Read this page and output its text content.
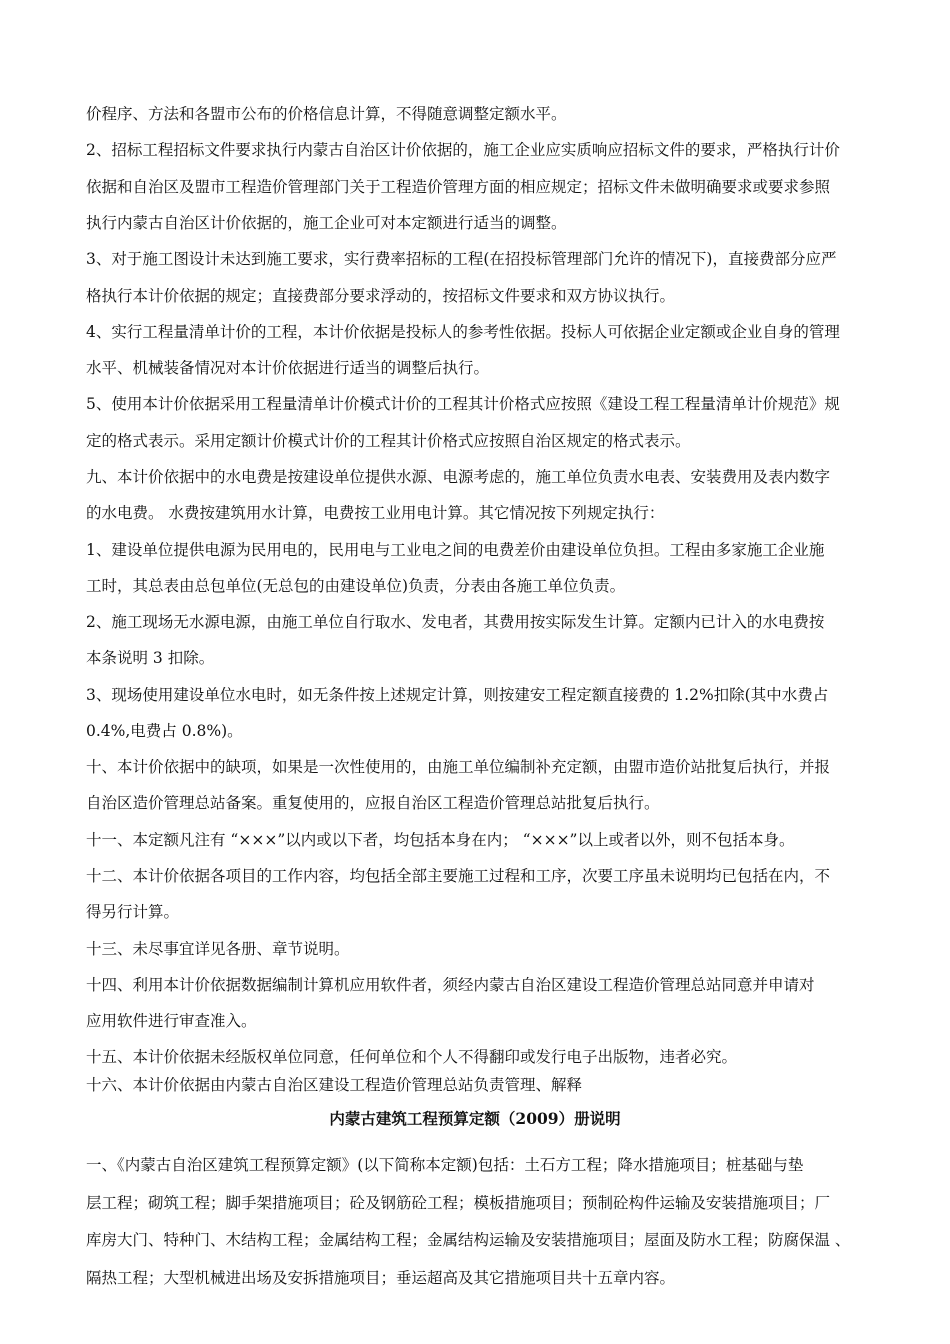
价程序、方法和各盟市公布的价格信息计算，不得随意调整定额水平。
2、招标工程招标文件要求执行内蒙古自治区计价依据的，施工企业应实质响应招标文件的要求，严格执行计价
依据和自治区及盟市工程造价管理部门关于工程造价管理方面的相应规定；招标文件未做明确要求或要求参照
执行内蒙古自治区计价依据的，施工企业可对本定额进行适当的调整。
3、对于施工图设计未达到施工要求，实行费率招标的工程(在招投标管理部门允许的情况下)，直接费部分应严
格执行本计价依据的规定；直接费部分要求浮动的，按招标文件要求和双方协议执行。
4、实行工程量清单计价的工程，本计价依据是投标人的参考性依据。投标人可依据企业定额或企业自身的管理
水平、机械装备情况对本计价依据进行适当的调整后执行。
5、使用本计价依据采用工程量清单计价模式计价的工程其计价格式应按照《建设工程工程量清单计价规范》规
定的格式表示。采用定额计价模式计价的工程其计价格式应按照自治区规定的格式表示。
九、本计价依据中的水电费是按建设单位提供水源、电源考虑的，施工单位负责水电表、安装费用及表内数字
的水电费。 水费按建筑用水计算，电费按工业用电计算。其它情况按下列规定执行：
1、建设单位提供电源为民用电的，民用电与工业电之间的电费差价由建设单位负担。工程由多家施工企业施
工时，其总表由总包单位(无总包的由建设单位)负责，分表由各施工单位负责。
2、施工现场无水源电源，由施工单位自行取水、发电者，其费用按实际发生计算。定额内已计入的水电费按
本条说明 3 扣除。
3、现场使用建设单位水电时，如无条件按上述规定计算，则按建安工程定额直接费的 1.2%扣除(其中水费占
0.4%,电费占 0.8%)。
十、本计价依据中的缺项，如果是一次性使用的，由施工单位编制补充定额，由盟市造价站批复后执行，并报
自治区造价管理总站备案。重复使用的，应报自治区工程造价管理总站批复后执行。
十一、本定额凡注有 “×××”以内或以下者，均包括本身在内； “×××”以上或者以外，则不包括本身。
十二、本计价依据各项目的工作内容，均包括全部主要施工过程和工序，次要工序虽未说明均已包括在内，不
得另行计算。
十三、未尽事宜详见各册、章节说明。
十四、利用本计价依据数据编制计算机应用软件者，须经内蒙古自治区建设工程造价管理总站同意并申请对
应用软件进行审查准入。
十五、本计价依据未经版权单位同意，任何单位和个人不得翻印或发行电子出版物，违者必究。
十六、本计价依据由内蒙古自治区建设工程造价管理总站负责管理、解释
内蒙古建筑工程预算定额（2009）册说明
一、《内蒙古自治区建筑工程预算定额》(以下简称本定额)包括：土石方工程；降水措施项目；桩基础与垫
层工程；砌筑工程；脚手架措施项目；砼及钢筋砼工程；模板措施项目；预制砼构件运输及安装措施项目；厂
库房大门、特种门、木结构工程；金属结构工程；金属结构运输及安装措施项目；屋面及防水工程；防腐保温 、
隔热工程；大型机械进出场及安拆措施项目；垂运超高及其它措施项目共十五章内容。
